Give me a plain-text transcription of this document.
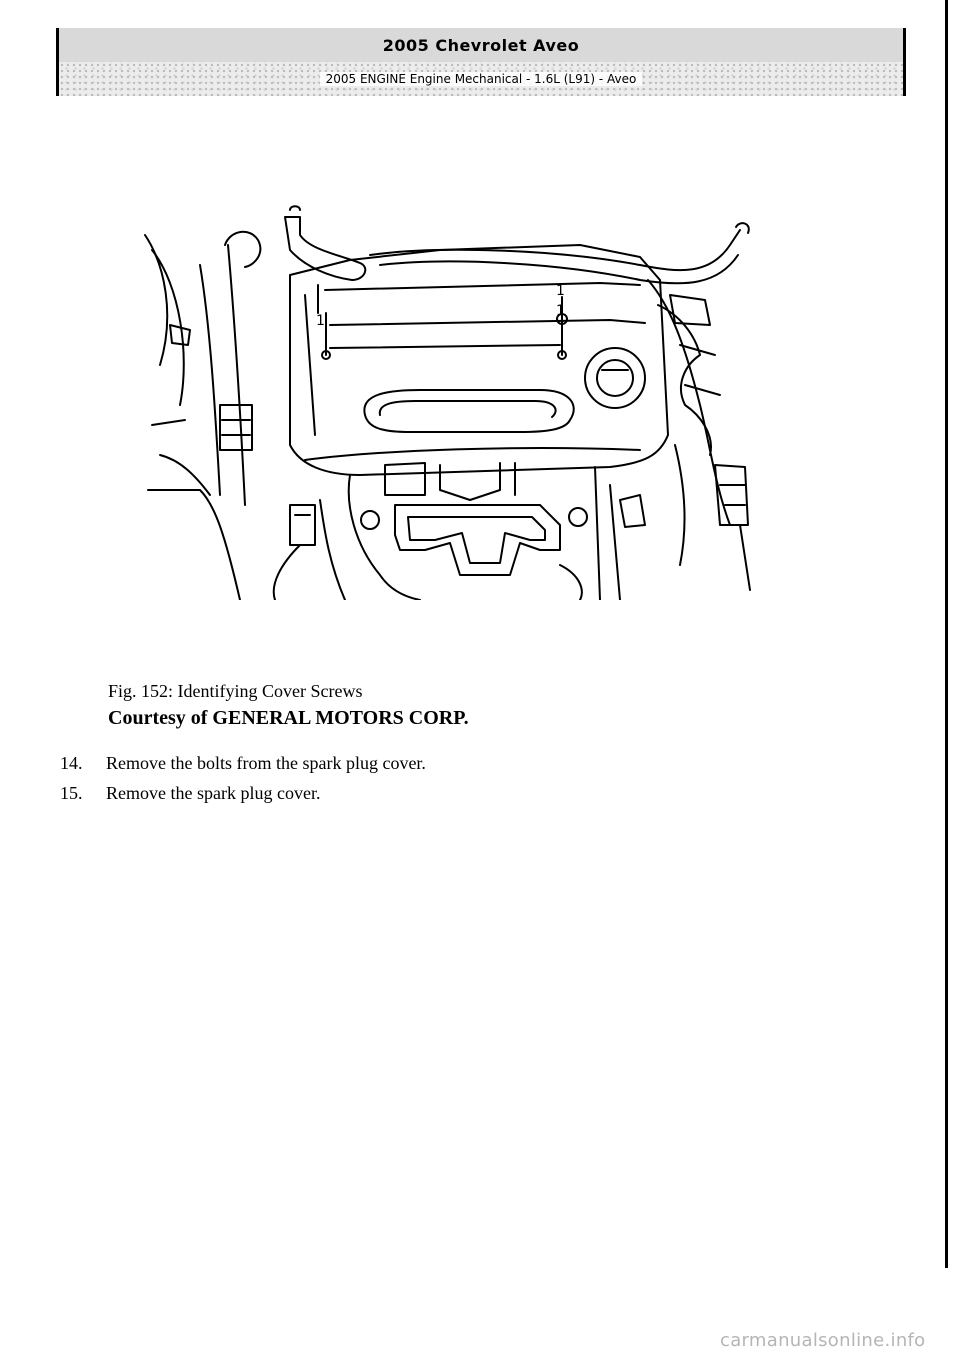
2005 Chevrolet Aveo
2005 ENGINE Engine Mechanical - 1.6L (L91) - Aveo
1
1
1
Fig. 152: Identifying Cover Screws
Courtesy of GENERAL MOTORS CORP.
14.	Remove the bolts from the spark plug cover.
15.	Remove the spark plug cover.
carmanualsonline.info
